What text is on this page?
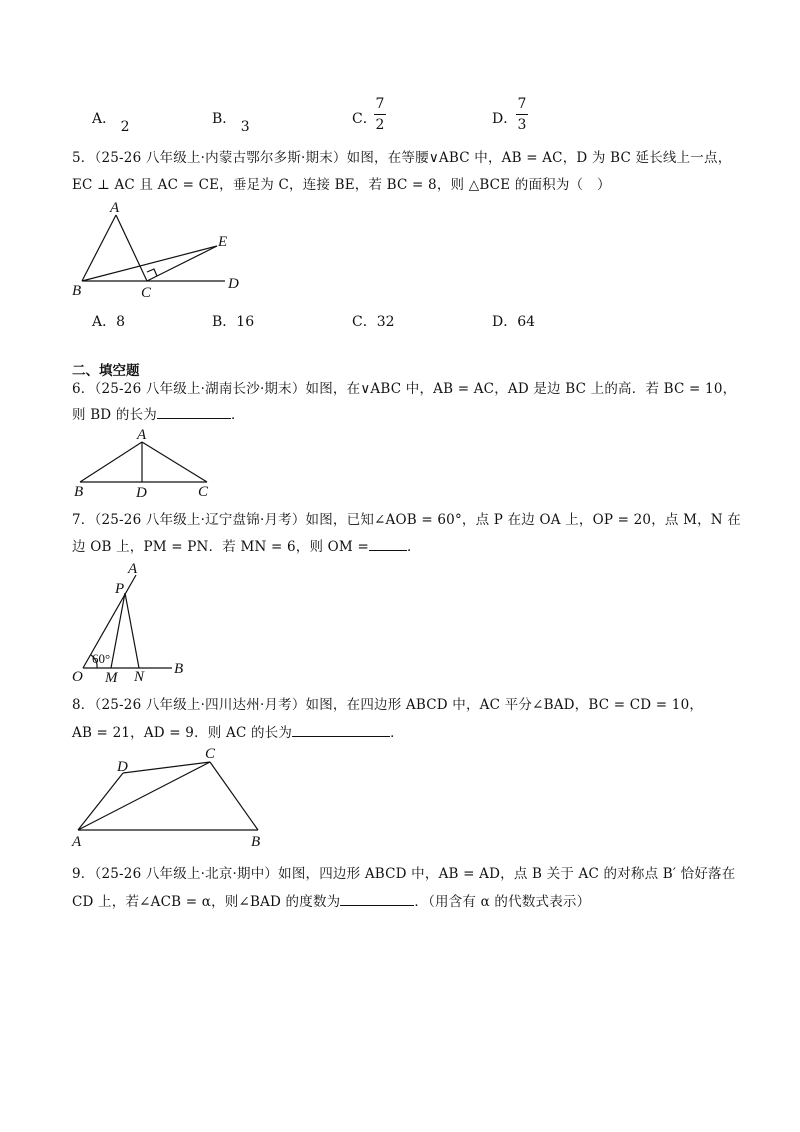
A． 2	B． 3	C．
7
2	D．
7
3
5．（25-26 八年级上·内蒙古鄂尔多斯·期末）如图，在等腰∨ABC 中，AB = AC，D 为 BC 延长线上一点，
EC ⊥ AC 且 AC = CE，垂足为 C，连接 BE，若 BC = 8，则 △BCE 的面积为（　）
A
B	C
D
E
A．8	B．16	C．32	D．64
二、填空题
6．（25-26 八年级上·湖南长沙·期末）如图，在∨ABC 中，AB = AC，AD 是边 BC 上的高．若 BC = 10，
则 BD 的长为	．
A
B	D	C
7．（25-26 八年级上·辽宁盘锦·月考）如图，已知∠AOB = 60°，点 P 在边 OA 上，OP = 20，点 M，N 在
边 OB 上，PM = PN．若 MN = 6，则 OM =	．
A
P
O M N B
60°
8．（25-26 八年级上·四川达州·月考）如图，在四边形 ABCD 中，AC 平分∠BAD，BC = CD = 10，
AB = 21，AD = 9．则 AC 的长为	．
A	B
C
D
9．（25-26 八年级上·北京·期中）如图，四边形 ABCD 中，AB = AD，点 B 关于 AC 的对称点 B′ 恰好落在
CD 上，若∠ACB = α，则∠BAD 的度数为	．（用含有 α 的代数式表示）
